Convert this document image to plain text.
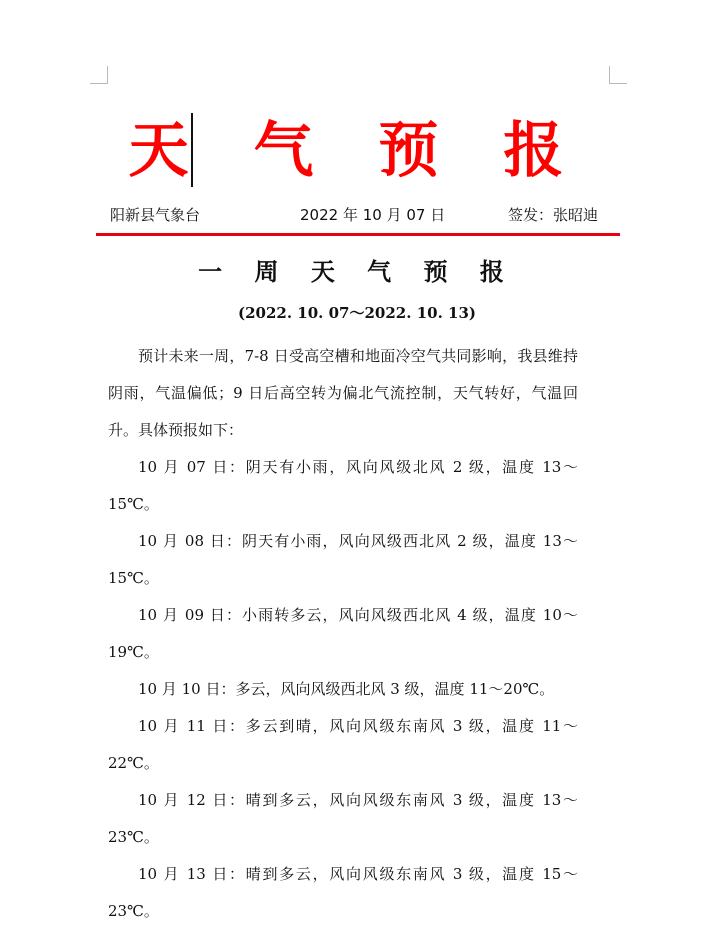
天 气 预 报
阳新县气象台	2022 年 10 月 07 日	签发：张昭迪
一 周 天 气 预 报
(2022. 10. 07～2022. 10. 13)

预计未来一周，7-8 日受高空槽和地面冷空气共同影响，我县维持阴雨，气温偏低；9 日后高空转为偏北气流控制，天气转好，气温回升。具体预报如下：

10 月 07 日：阴天有小雨，风向风级北风 2 级，温度 13～15℃。

10 月 08 日：阴天有小雨，风向风级西北风 2 级，温度 13～15℃。

10 月 09 日：小雨转多云，风向风级西北风 4 级，温度 10～19℃。

10 月 10 日：多云，风向风级西北风 3 级，温度 11～20℃。

10 月 11 日：多云到晴，风向风级东南风 3 级，温度 11～22℃。

10 月 12 日：晴到多云，风向风级东南风 3 级，温度 13～23℃。

10 月 13 日：晴到多云，风向风级东南风 3 级，温度 15～23℃。
